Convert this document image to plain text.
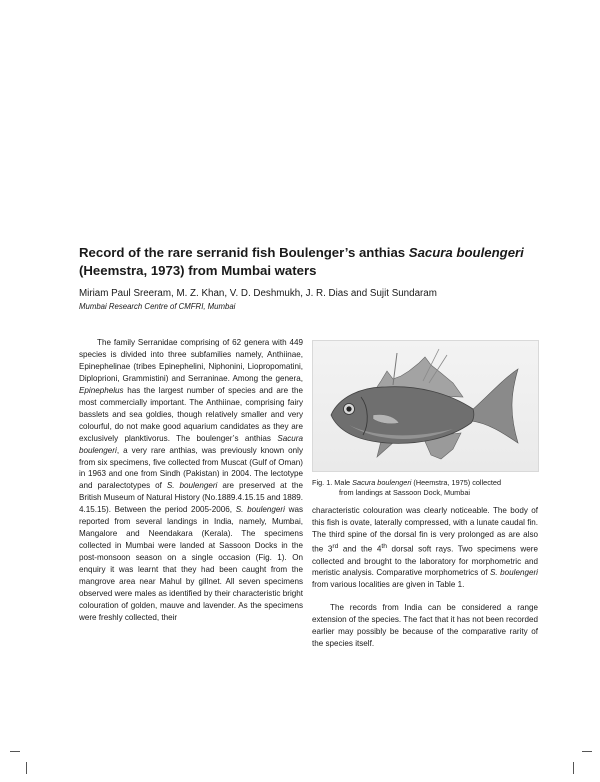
Record of the rare serranid fish Boulenger’s anthias Sacura boulengeri (Heemstra, 1973) from Mumbai waters
Miriam Paul Sreeram, M. Z. Khan, V. D. Deshmukh, J. R. Dias and Sujit Sundaram
Mumbai Research Centre of CMFRI, Mumbai

The family Serranidae comprising of 62 genera with 449 species is divided into three subfamilies namely, Anthiinae, Epinephelinae (tribes Epinephelini, Niphonini, Liopropomatini, Diploprioni, Grammistini) and Serraninae. Among the genera, Epinephelus has the largest number of species and are the most commercially important. The Anthiinae, comprising fairy basslets and sea goldies, though relatively smaller and very colourful, do not make good aquarium candidates as they are exclusively planktivorus. The boulenger’s anthias Sacura boulengeri, a very rare anthias, was previously known only from six specimens, five collected from Muscat (Gulf of Oman) in 1963 and one from Sindh (Pakistan) in 2004. The lectotype and paralectotypes of S. boulengeri are preserved at the British Museum of Natural History (No.1889.4.15.15 and 1889. 4.15.15). Between the period 2005-2006, S. boulengeri was reported from several landings in India, namely, Mumbai, Mangalore and Neendakara (Kerala). The specimens collected in Mumbai were landed at Sassoon Docks in the post-monsoon season on a single occasion (Fig. 1). On enquiry it was learnt that they had been caught from the mangrove area near Mahul by gillnet. All seven specimens observed were males as identified by their characteristic bright colouration of golden, mauve and lavender. As the specimens were freshly collected, their

Fig. 1. Male Sacura boulengeri (Heemstra, 1975) collected
from landings at Sassoon Dock, Mumbai

characteristic colouration was clearly noticeable. The body of this fish is ovate, laterally compressed, with a lunate caudal fin. The third spine of the dorsal fin is very prolonged as are also the 3rd and the 4th dorsal soft rays. Two specimens were collected and brought to the laboratory for morphometric and meristic analysis. Comparative morphometrics of S. boulengeri from various localities are given in Table 1.

The records from India can be considered a range extension of the species. The fact that it has not been recorded earlier may possibly be because of the comparative rarity of the species itself.
